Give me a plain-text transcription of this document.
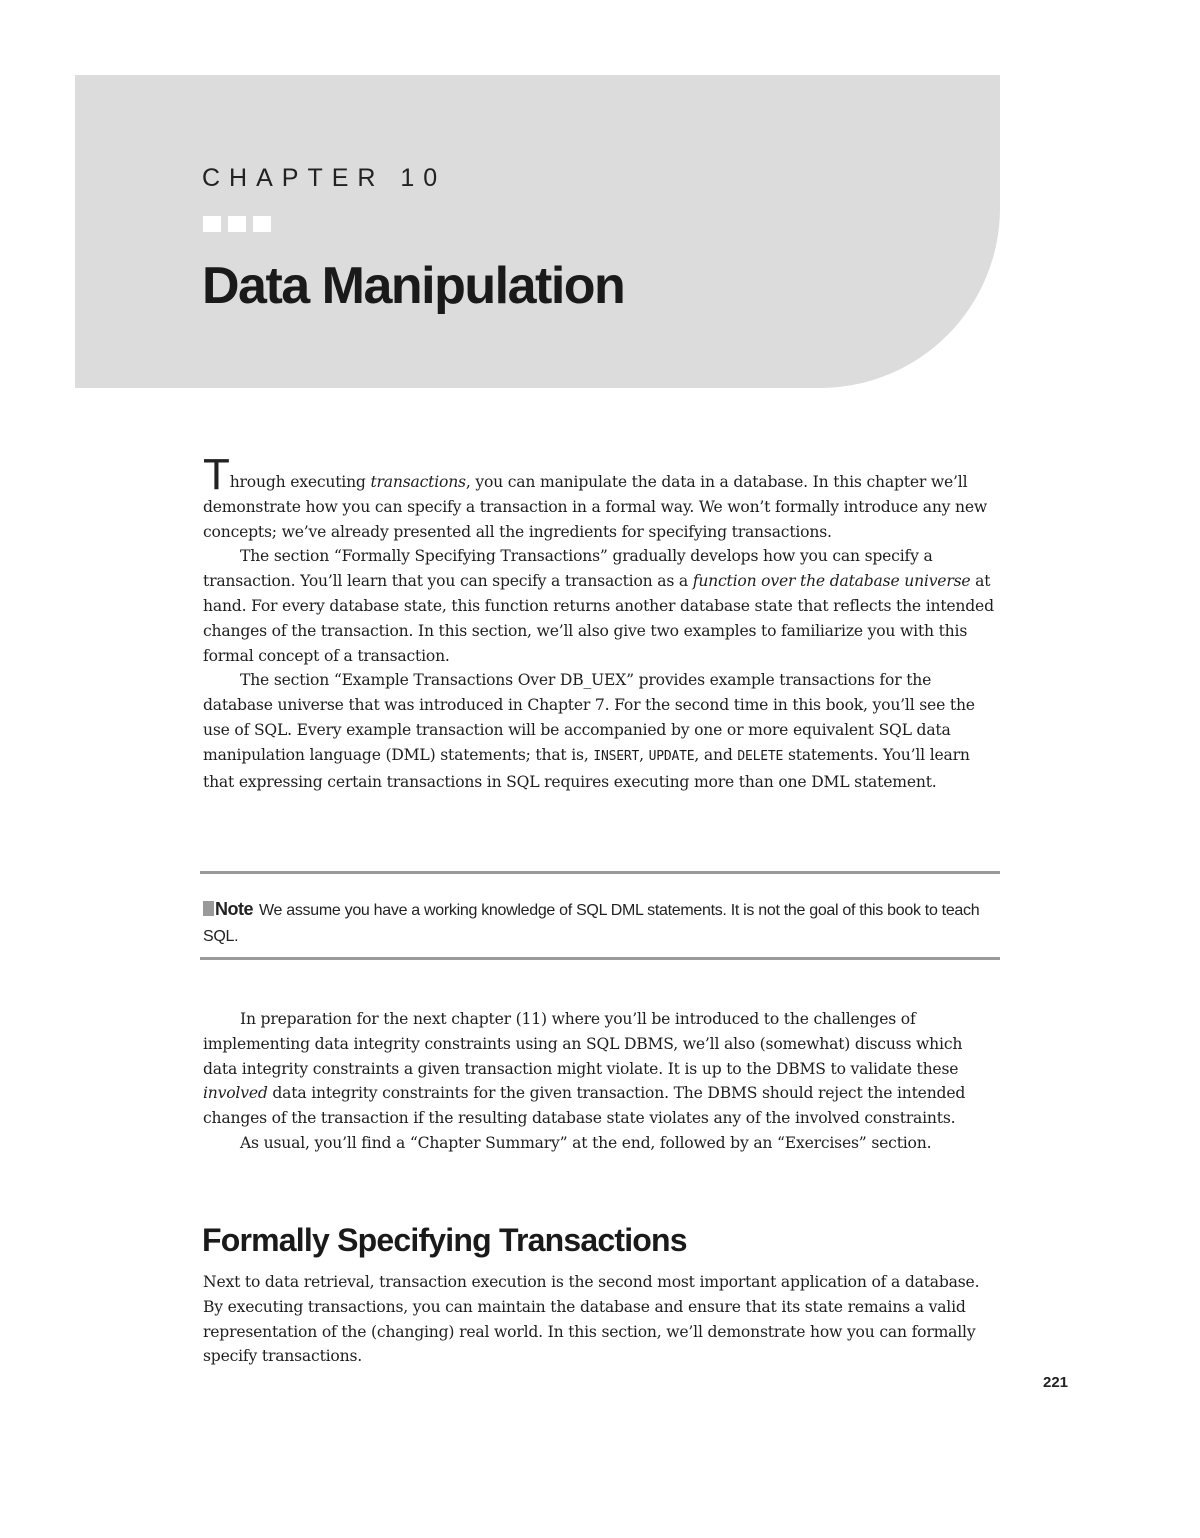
CHAPTER 10
Data Manipulation

Through executing transactions, you can manipulate the data in a database. In this chapter we’ll demonstrate how you can specify a transaction in a formal way. We won’t formally introduce any new concepts; we’ve already presented all the ingredients for specifying transactions.

The section “Formally Specifying Transactions” gradually develops how you can specify a transaction. You’ll learn that you can specify a transaction as a function over the database universe at hand. For every database state, this function returns another database state that reflects the intended changes of the transaction. In this section, we’ll also give two examples to familiarize you with this formal concept of a transaction.

The section “Example Transactions Over DB_UEX” provides example transactions for the database universe that was introduced in Chapter 7. For the second time in this book, you’ll see the use of SQL. Every example transaction will be accompanied by one or more equivalent SQL data manipulation language (DML) statements; that is, INSERT, UPDATE, and DELETE statements. You’ll learn that expressing certain transactions in SQL requires executing more than one DML statement.

Note We assume you have a working knowledge of SQL DML statements. It is not the goal of this book to teach SQL.

In preparation for the next chapter (11) where you’ll be introduced to the challenges of implementing data integrity constraints using an SQL DBMS, we’ll also (somewhat) discuss which data integrity constraints a given transaction might violate. It is up to the DBMS to validate these involved data integrity constraints for the given transaction. The DBMS should reject the intended changes of the transaction if the resulting database state violates any of the involved constraints.

As usual, you’ll find a “Chapter Summary” at the end, followed by an “Exercises” section.

Formally Specifying Transactions

Next to data retrieval, transaction execution is the second most important application of a database. By executing transactions, you can maintain the database and ensure that its state remains a valid representation of the (changing) real world. In this section, we’ll demonstrate how you can formally specify transactions.

221
